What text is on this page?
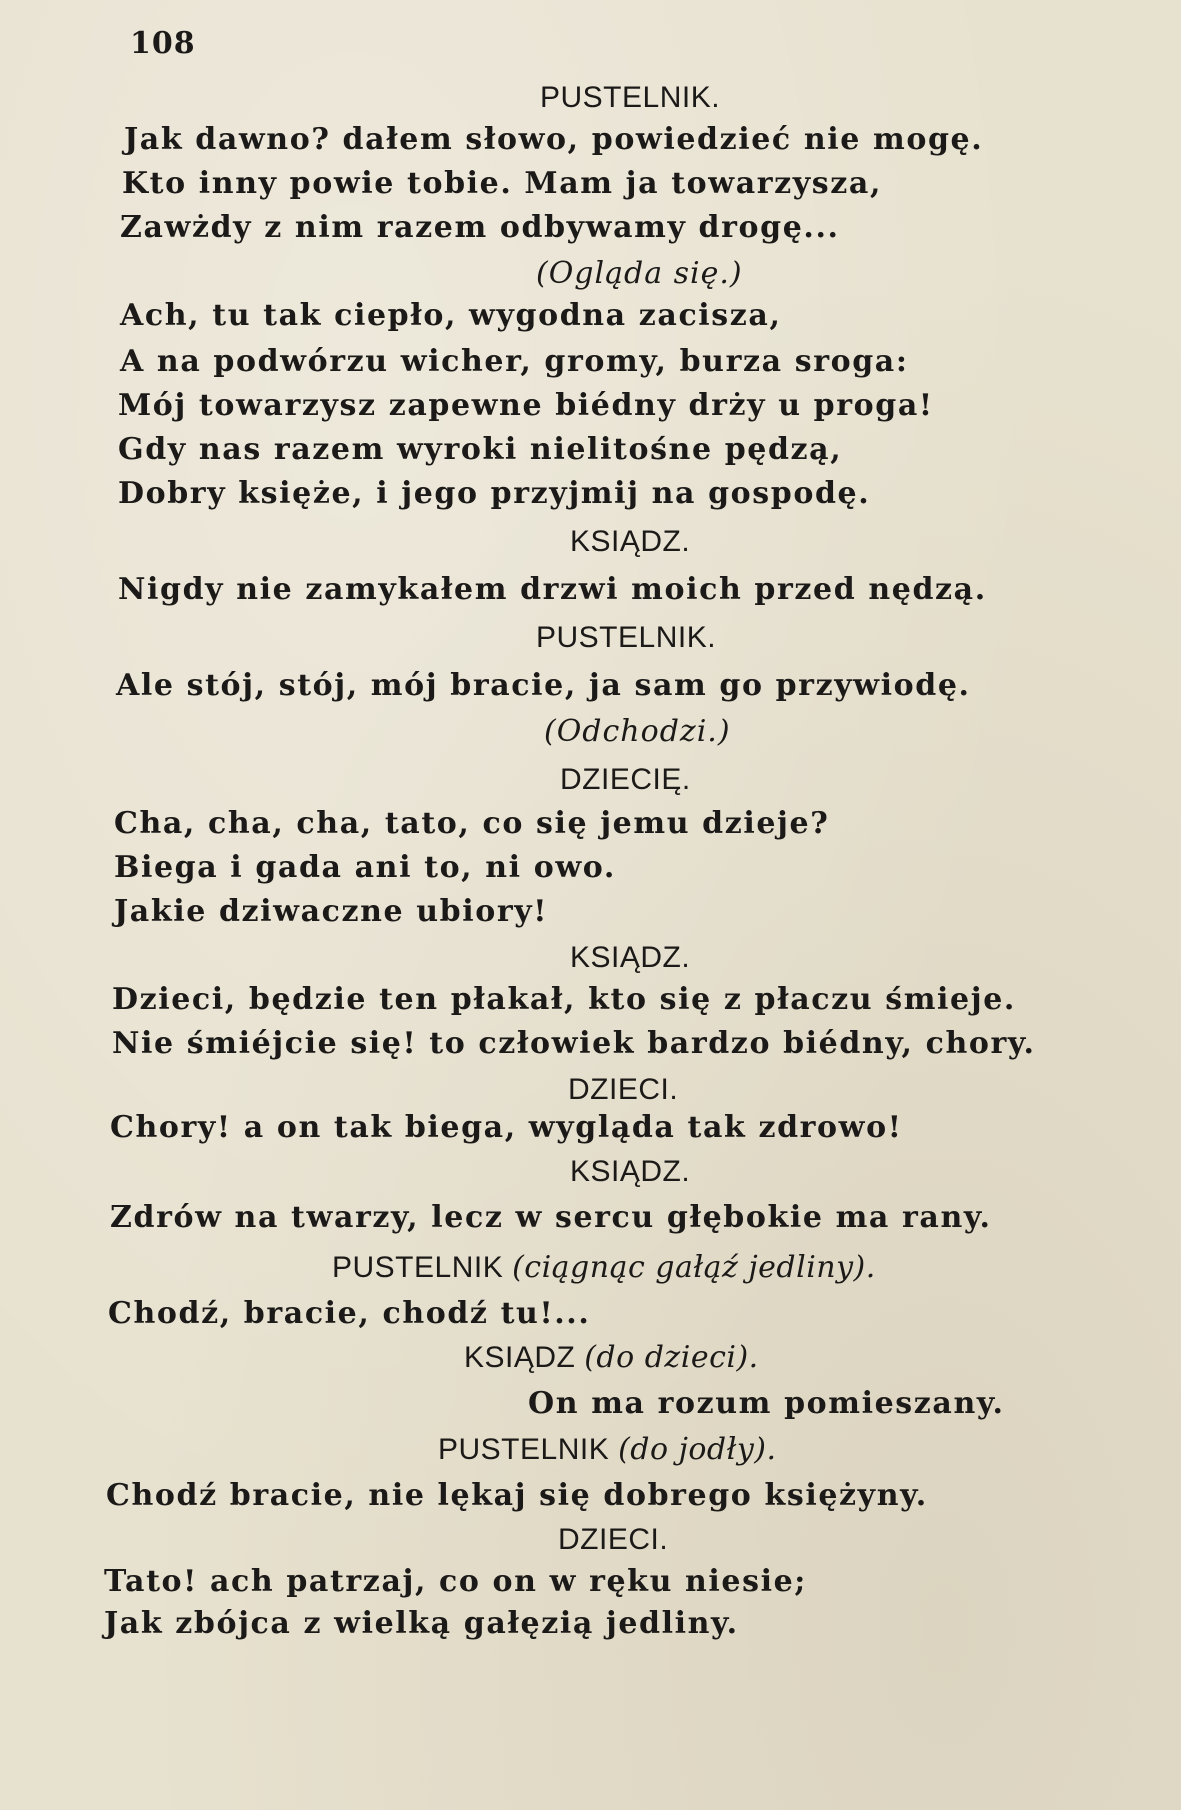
108
PUSTELNIK.
Jak dawno? dałem słowo, powiedzieć nie mogę.
Kto inny powie tobie. Mam ja towarzysza,
Zawżdy z nim razem odbywamy drogę...
(Ogląda się.)
Ach, tu tak ciepło, wygodna zacisza,
A na podwórzu wicher, gromy, burza sroga:
Mój towarzysz zapewne biédny drży u proga!
Gdy nas razem wyroki nielitośne pędzą,
Dobry księże, i jego przyjmij na gospodę.
KSIĄDZ.
Nigdy nie zamykałem drzwi moich przed nędzą.
PUSTELNIK.
Ale stój, stój, mój bracie, ja sam go przywiodę.
(Odchodzi.)
DZIECIĘ.
Cha, cha, cha, tato, co się jemu dzieje?
Biega i gada ani to, ni owo.
Jakie dziwaczne ubiory!
KSIĄDZ.
Dzieci, będzie ten płakał, kto się z płaczu śmieje.
Nie śmiéjcie się! to człowiek bardzo biédny, chory.
DZIECI.
Chory! a on tak biega, wygląda tak zdrowo!
KSIĄDZ.
Zdrów na twarzy, lecz w sercu głębokie ma rany.
PUSTELNIK (ciągnąc gałąź jedliny).
Chodź, bracie, chodź tu!...
KSIĄDZ (do dzieci).
On ma rozum pomieszany.
PUSTELNIK (do jodły).
Chodź bracie, nie lękaj się dobrego księżyny.
DZIECI.
Tato! ach patrzaj, co on w ręku niesie;
Jak zbójca z wielką gałęzią jedliny.
